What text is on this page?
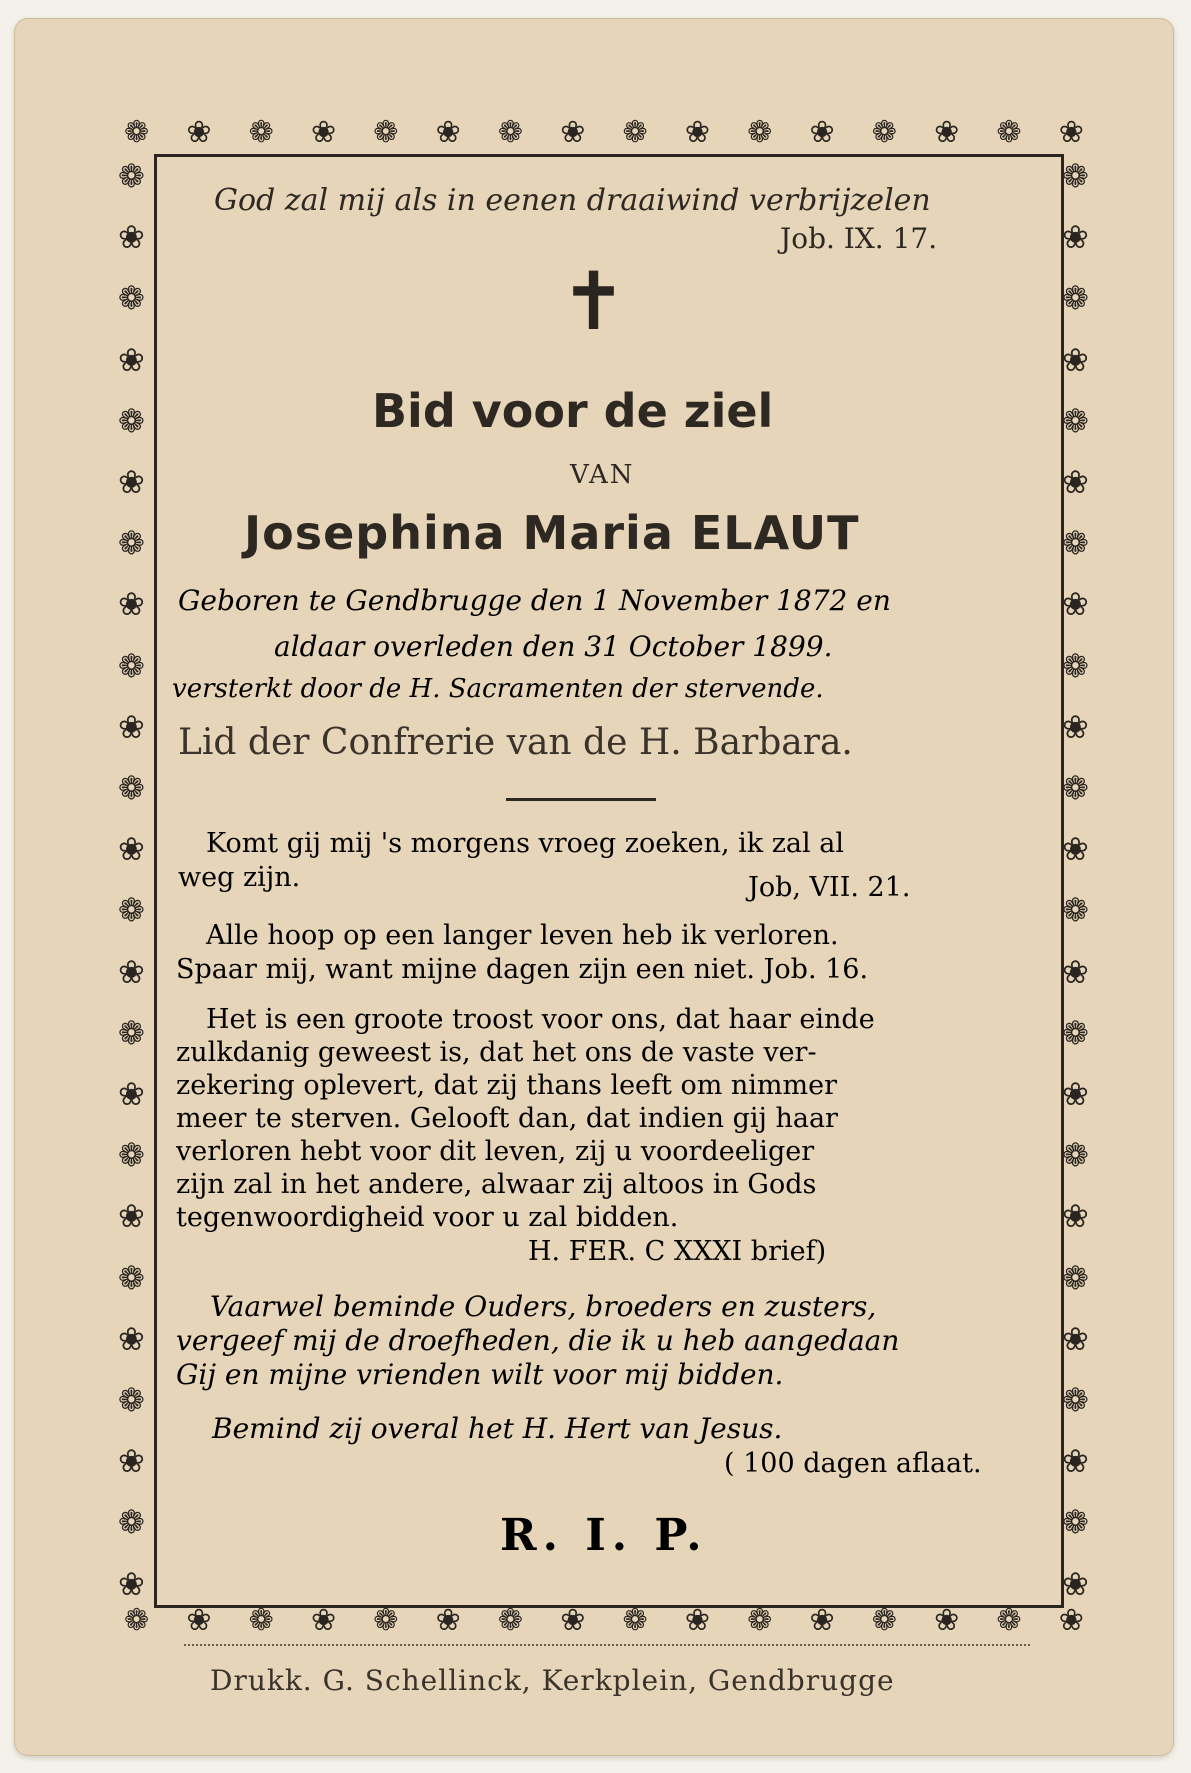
❁ ❀ ❁ ❀ ❁ ❀ ❁ ❀ ❁ ❀ ❁ ❀ ❁ ❀ ❁ ❀
❁ ❀ ❁ ❀ ❁ ❀ ❁ ❀ ❁ ❀ ❁ ❀ ❁ ❀ ❁ ❀
❁
❀
❁
❀
❁
❀
❁
❀
❁
❀
❁
❀
❁
❀
❁
❀
❁
❀
❁
❀
❁
❀
❁
❀
❁
❀
❁
❀
❁
❀
❁
❀
❁
❀
❁
❀
❁
❀
❁
❀
❁
❀
❁
❀
❁
❀
❁
❀
God zal mij als in eenen draaiwind verbrijzelen
Job. IX. 17.
✝
Bid voor de ziel
VAN
Josephina Maria ELAUT
Geboren te Gendbrugge den 1 November 1872 en
aldaar overleden den 31 October 1899.
versterkt door de H. Sacramenten der stervende.
Lid der Confrerie van de H. Barbara.
Komt gij mij 's morgens vroeg zoeken, ik zal al
weg zijn.	Job, VII. 21.
Alle hoop op een langer leven heb ik verloren.
Spaar mij, want mijne dagen zijn een niet. Job. 16.
Het is een groote troost voor ons, dat haar einde
zulkdanig geweest is, dat het ons de vaste ver-
zekering oplevert, dat zij thans leeft om nimmer
meer te sterven. Gelooft dan, dat indien gij haar
verloren hebt voor dit leven, zij u voordeeliger
zijn zal in het andere, alwaar zij altoos in Gods
tegenwoordigheid voor u zal bidden.
H. FER. C XXXI brief)
Vaarwel beminde Ouders, broeders en zusters,
vergeef mij de droefheden, die ik u heb aangedaan
Gij en mijne vrienden wilt voor mij bidden.
Bemind zij overal het H. Hert van Jesus.
( 100 dagen aflaat.
R. I. P.
Drukk. G. Schellinck, Kerkplein, Gendbrugge
